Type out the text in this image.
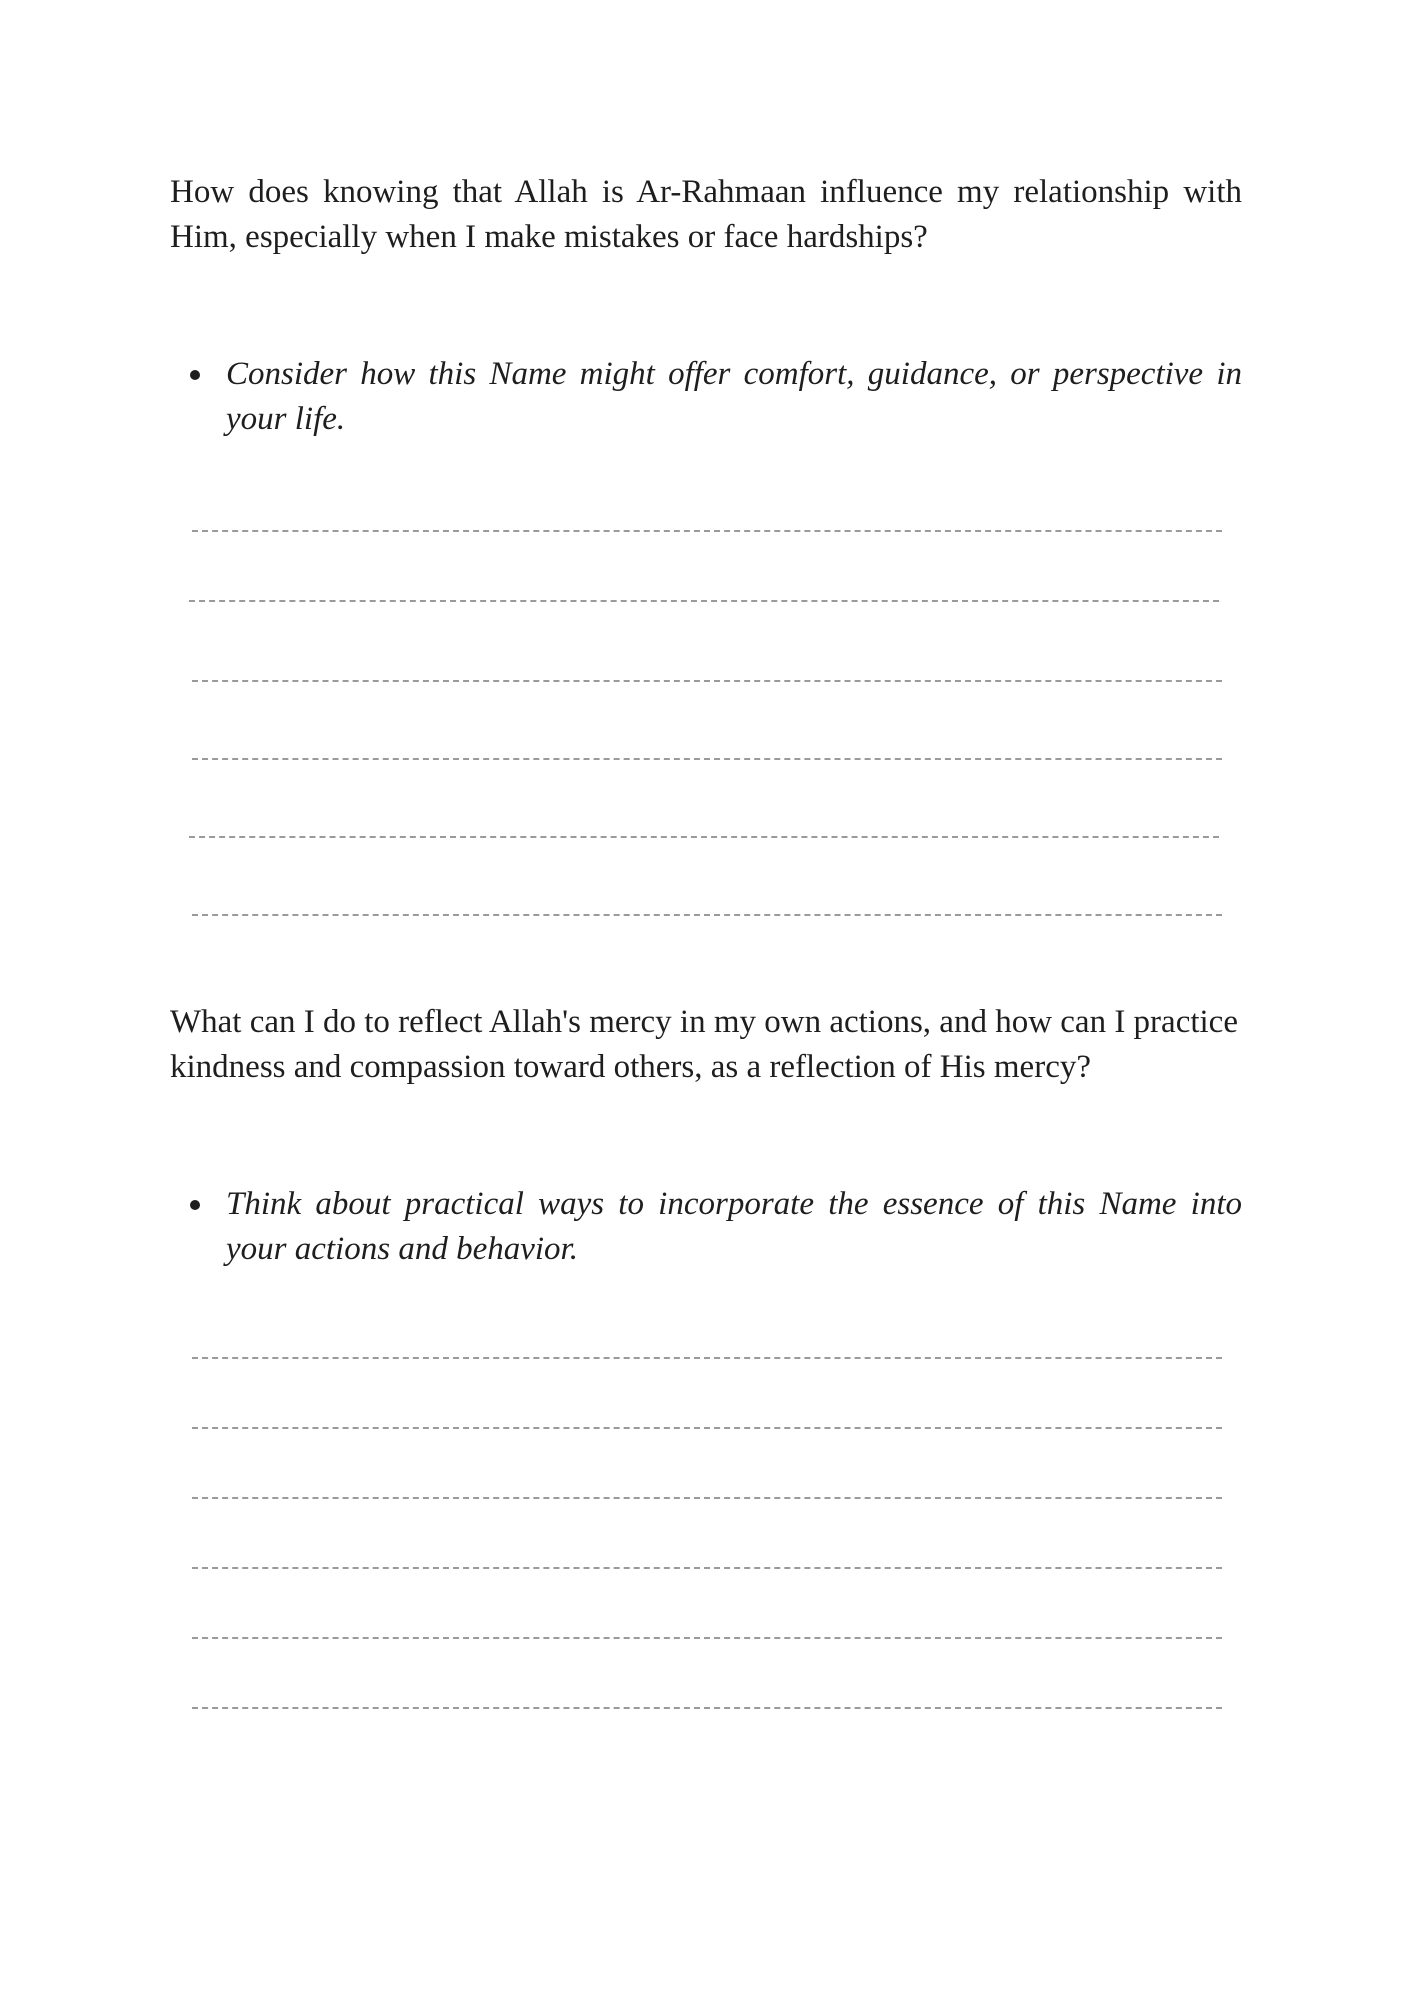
How does knowing that Allah is Ar-Rahmaan influence my relationship with Him, especially when I make mistakes or face hardships?

Consider how this Name might offer comfort, guidance, or perspective in your life.

What can I do to reflect Allah's mercy in my own actions, and how can I practice kindness and compassion toward others, as a reflection of His mercy?

Think about practical ways to incorporate the essence of this Name into your actions and behavior.
